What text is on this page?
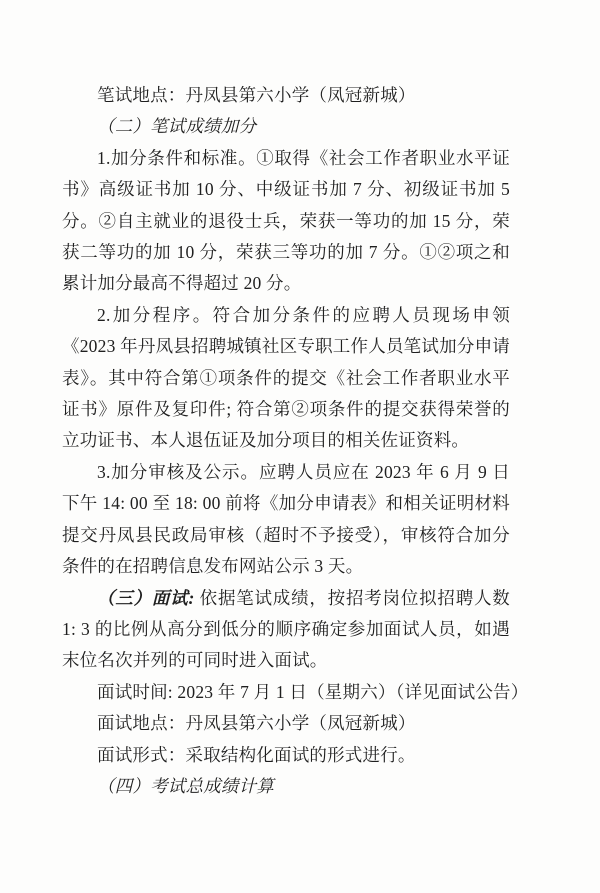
笔试地点：丹凤县第六小学（凤冠新城）

（二）笔试成绩加分

1.加分条件和标准。①取得《社会工作者职业水平证书》高级证书加 10 分、中级证书加 7 分、初级证书加 5 分。②自主就业的退役士兵，荣获一等功的加 15 分，荣获二等功的加 10 分，荣获三等功的加 7 分。①②项之和累计加分最高不得超过 20 分。

2.加分程序。符合加分条件的应聘人员现场申领《2023 年丹凤县招聘城镇社区专职工作人员笔试加分申请表》。其中符合第①项条件的提交《社会工作者职业水平证书》原件及复印件; 符合第②项条件的提交获得荣誉的立功证书、本人退伍证及加分项目的相关佐证资料。

3.加分审核及公示。应聘人员应在 2023 年 6 月 9 日下午 14: 00 至 18: 00 前将《加分申请表》和相关证明材料提交丹凤县民政局审核（超时不予接受），审核符合加分条件的在招聘信息发布网站公示 3 天。

（三）面试: 依据笔试成绩，按招考岗位拟招聘人数 1: 3 的比例从高分到低分的顺序确定参加面试人员，如遇末位名次并列的可同时进入面试。

面试时间: 2023 年 7 月 1 日（星期六）（详见面试公告）

面试地点：丹凤县第六小学（凤冠新城）

面试形式：采取结构化面试的形式进行。

（四）考试总成绩计算
